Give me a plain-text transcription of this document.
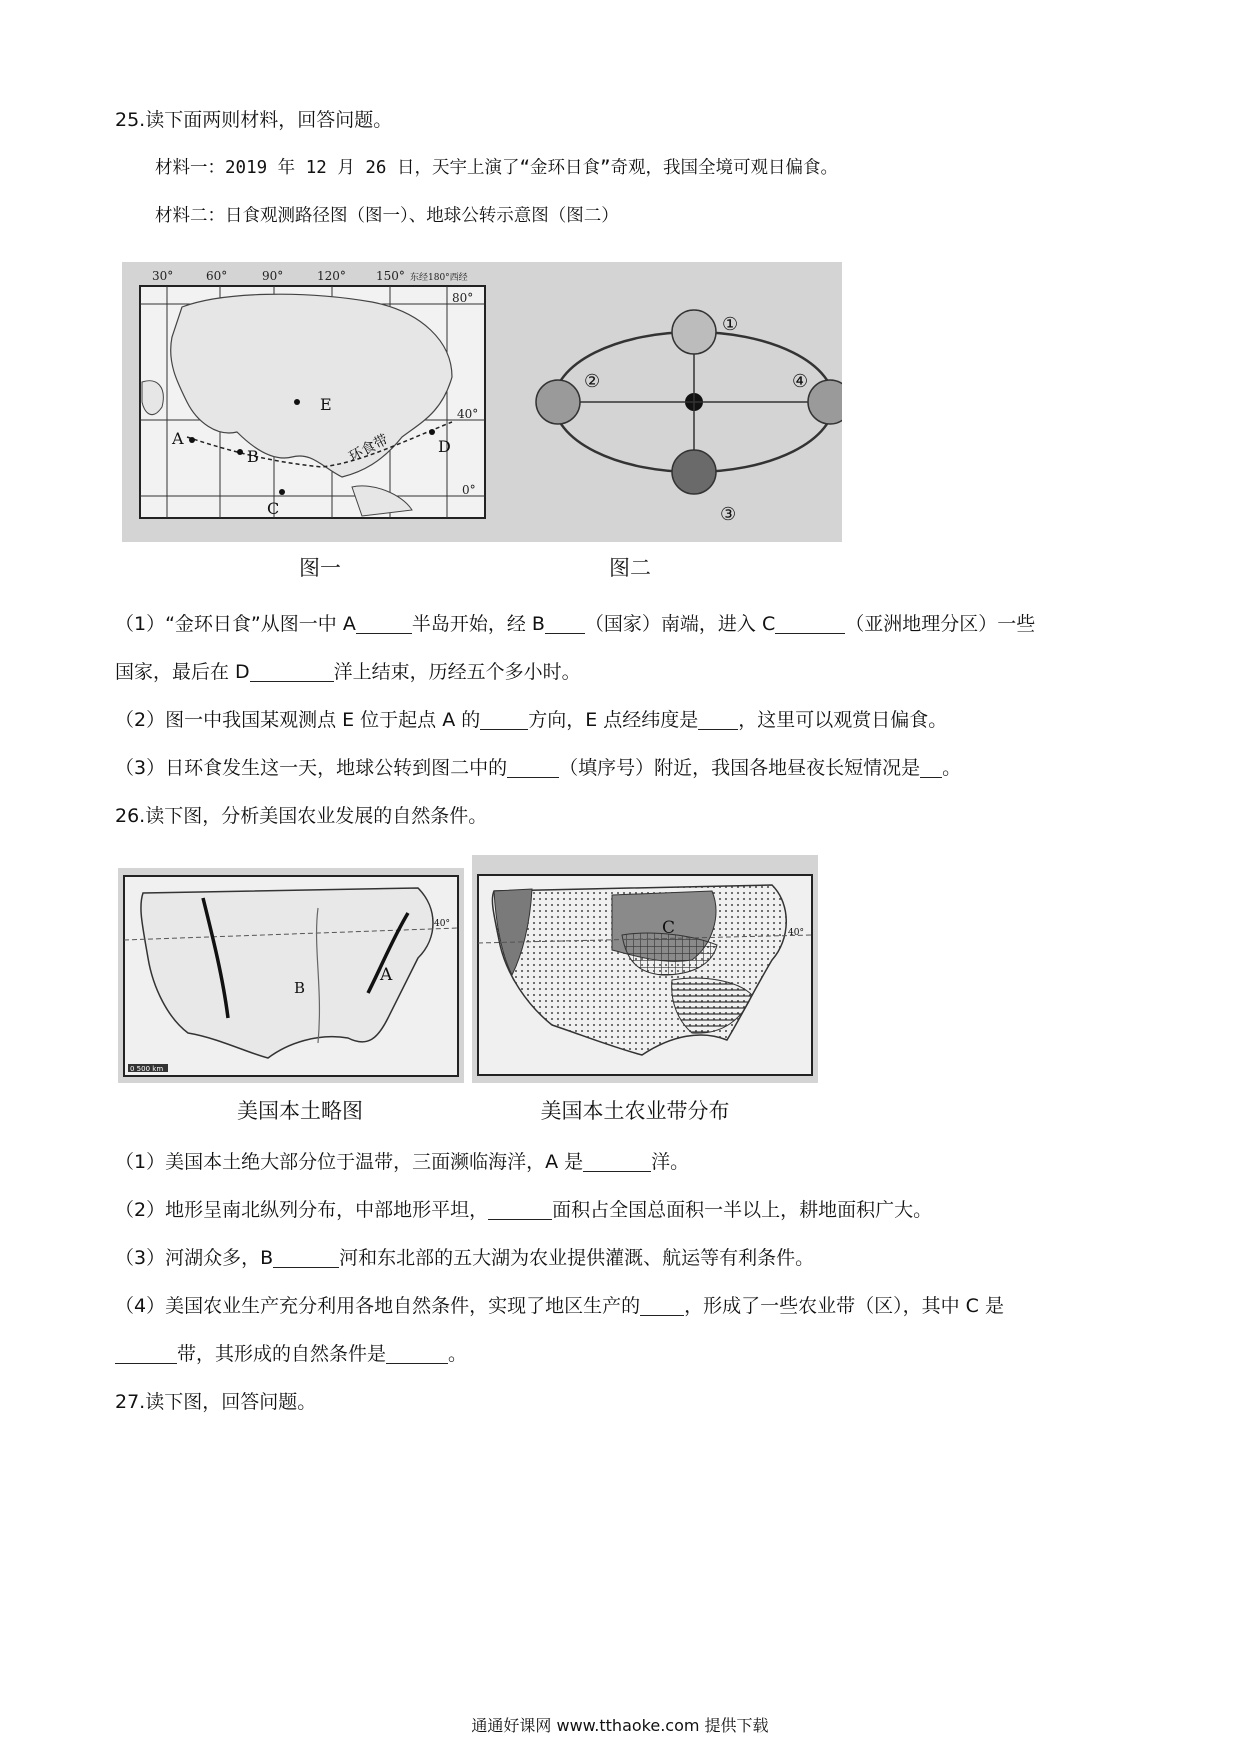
25.读下面两则材料，回答问题。
材料一：2019 年 12 月 26 日，天宇上演了“金环日食”奇观，我国全境可观日偏食。
材料二：日食观测路径图（图一）、地球公转示意图（图二）
30°	60°	90°	120°	150° 东经180°西经
80°
40°
0°
A
B
C
D
E
环食带
①
②
③
④
图一	图二
（1）“金环日食”从图一中 A	半岛开始，经 B （国家）南端，进入 C	（亚洲地理分区）一些
国家，最后在 D	洋上结束，历经五个多小时。
（2）图一中我国某观测点 E 位于起点 A 的	方向，E 点经纬度是 ，这里可以观赏日偏食。
（3）日环食发生这一天，地球公转到图二中的	（填序号）附近，我国各地昼夜长短情况是 。
26.读下图，分析美国农业发展的自然条件。
0 500 km
A
B
40°	C	40°
美国本土略图	美国本土农业带分布
（1）美国本土绝大部分位于温带，三面濒临海洋，A 是	洋。
（2）地形呈南北纵列分布，中部地形平坦，	面积占全国总面积一半以上，耕地面积广大。
（3）河湖众多，B	河和东北部的五大湖为农业提供灌溉、航运等有利条件。
（4）美国农业生产充分利用各地自然条件，实现了地区生产的 ，形成了一些农业带（区），其中 C 是
带，其形成的自然条件是	。
27.读下图，回答问题。
通通好课网 www.tthaoke.com 提供下载
